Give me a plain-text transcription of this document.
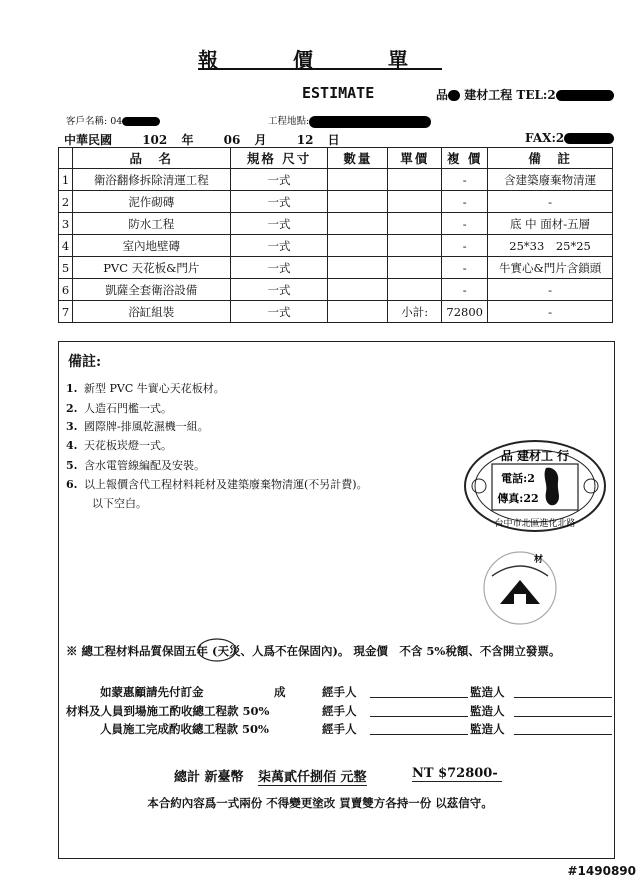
報 價 單
ESTIMATE	品 建材工程 TEL:2
客戶名稱: 04	工程地點:
中華民國	102 年	06 月	12 日	FAX:2
	品　名	規格 尺寸	數量	單價	複 價	備　註
1	衛浴翻修拆除清運工程	一式			-	含建築廢棄物清運
2	泥作砌磚	一式			-	-
3	防水工程	一式			-	底 中 面材-五層
4	室內地壁磚	一式			-	25*33　25*25
5	PVC 天花板&門片	一式			-	牛實心&門片含鎖頭
6	凱薩全套衛浴設備	一式			-	-
7	浴缸組裝	一式		小計:	72800	-
備註:
1. 新型 PVC 牛實心天花板材。
2. 人造石門檻一式。
3. 國際牌-排風乾濕機一組。
4. 天花板崁燈一式。
5. 含水電管線編配及安裝。
6. 以上報價含代工程材料耗材及建築廢棄物清運(不另計費)。
以下空白。
品 建材工 行
電話:2
傳真:22
台中市北區進化北路
材
※ 總工程材料品質保固五年 (天災、人爲不在保固內)。 現金價　不含 5%稅額、不含開立發票。
如蒙惠顧請先付訂金	成	經手人	監造人
材料及人員到場施工酌收總工程款 50%	經手人	監造人
人員施工完成酌收總工程款 50%	經手人	監造人
總計 新臺幣 柒萬貳仟捌佰 元整	NT $72800-
本合約內容爲一式兩份 不得變更塗改 買賣雙方各持一份 以茲信守。
#1490890
